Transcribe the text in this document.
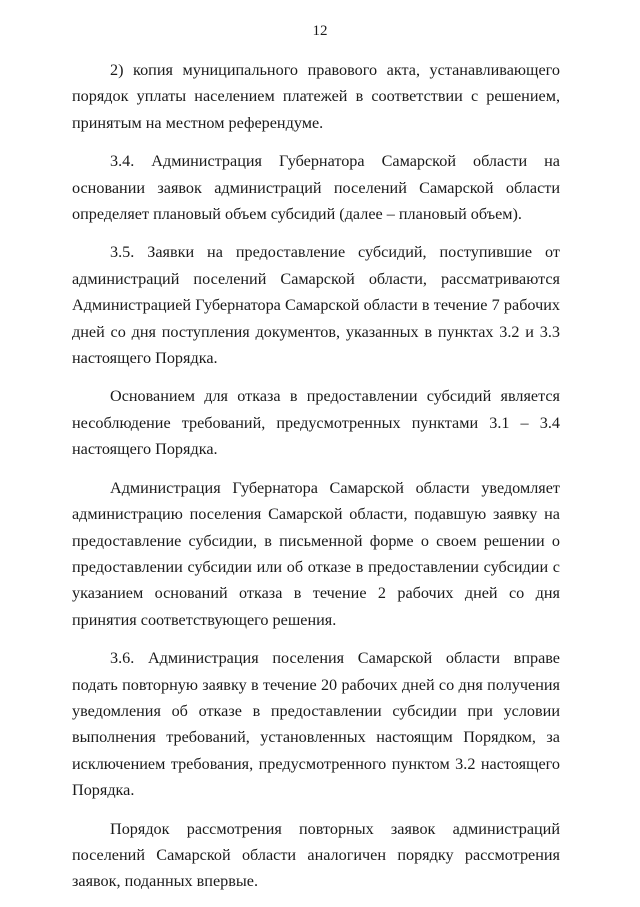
12

2) копия муниципального правового акта, устанавливающего порядок уплаты населением платежей в соответствии с решением, принятым на местном референдуме.

3.4. Администрация Губернатора Самарской области на основании заявок администраций поселений Самарской области определяет плановый объем субсидий (далее – плановый объем).

3.5. Заявки на предоставление субсидий, поступившие от администраций поселений Самарской области, рассматриваются Администрацией Губернатора Самарской области в течение 7 рабочих дней со дня поступления документов, указанных в пунктах 3.2 и 3.3 настоящего Порядка.

Основанием для отказа в предоставлении субсидий является несоблюдение требований, предусмотренных пунктами 3.1 – 3.4 настоящего Порядка.

Администрация Губернатора Самарской области уведомляет администрацию поселения Самарской области, подавшую заявку на предоставление субсидии, в письменной форме о своем решении о предоставлении субсидии или об отказе в предоставлении субсидии с указанием оснований отказа в течение 2 рабочих дней со дня принятия соответствующего решения.

3.6. Администрация поселения Самарской области вправе подать повторную заявку в течение 20 рабочих дней со дня получения уведомления об отказе в предоставлении субсидии при условии выполнения требований, установленных настоящим Порядком, за исключением требования, предусмотренного пунктом 3.2 настоящего Порядка.

Порядок рассмотрения повторных заявок администраций поселений Самарской области аналогичен порядку рассмотрения заявок, поданных впервые.
